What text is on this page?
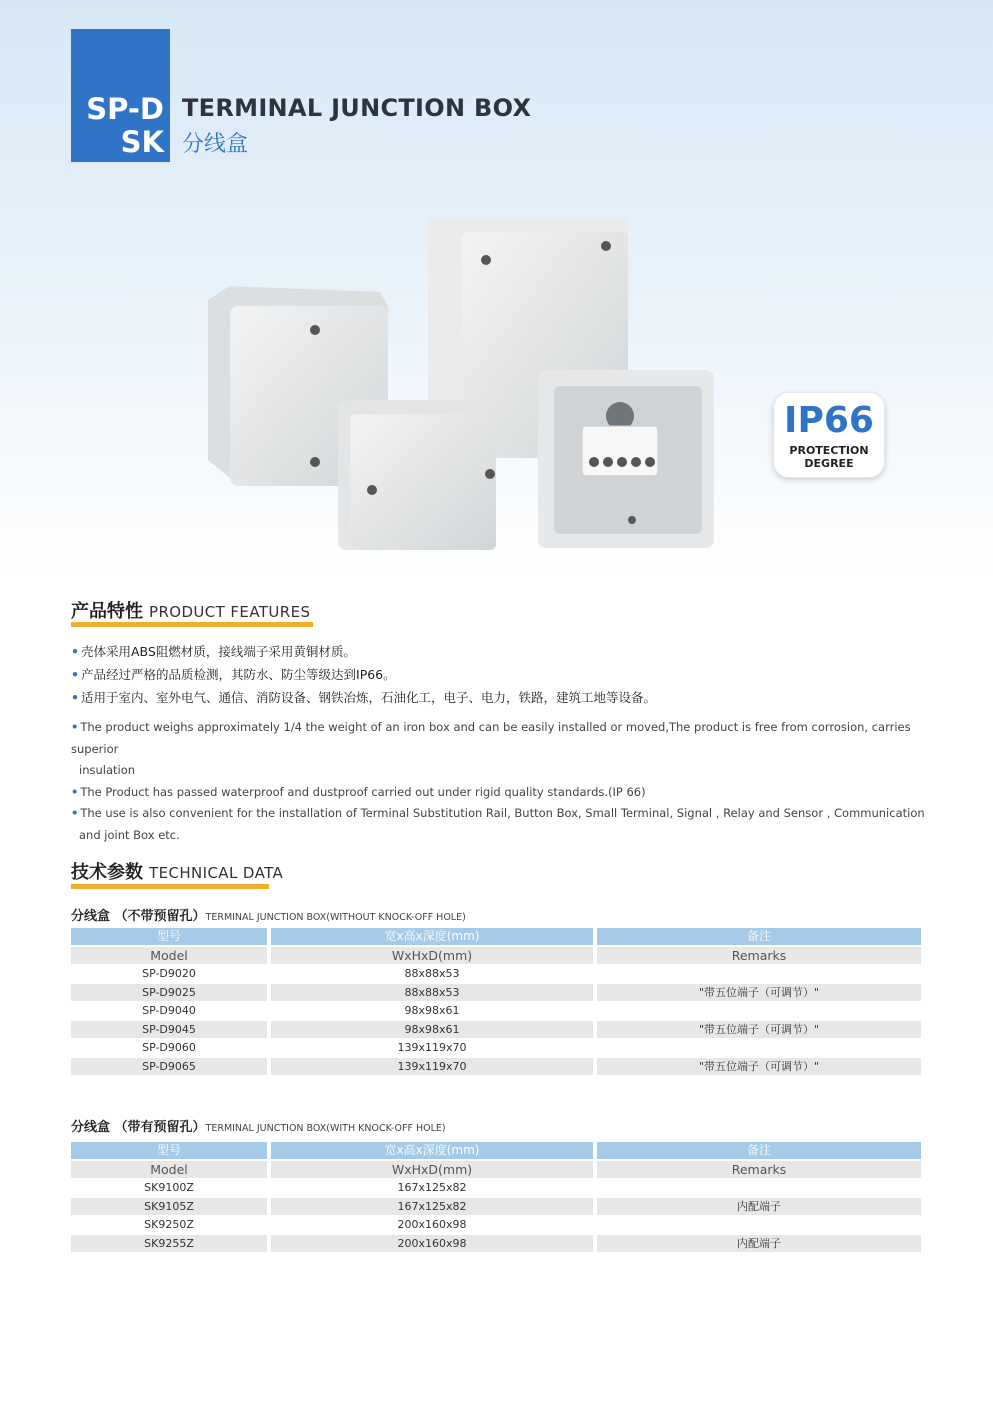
SP-D
SK
TERMINAL JUNCTION BOX
分线盒
IP66
PROTECTION
DEGREE
产品特性 PRODUCT FEATURES
• 壳体采用ABS阻燃材质，接线端子采用黄铜材质。
• 产品经过严格的品质检测，其防水、防尘等级达到IP66。
• 适用于室内、室外电气、通信、消防设备、钢铁冶炼，石油化工，电子、电力，铁路，建筑工地等设备。
• The product weighs approximately 1/4 the weight of an iron box and can be easily installed or moved,The product is free from corrosion, carries superior
insulation
• The Product has passed waterproof and dustproof carried out under rigid quality standards.(IP 66)
• The use is also convenient for the installation of Terminal Substitution Rail, Button Box, Small Terminal, Signal , Relay and Sensor , Communication
and joint Box etc.
技术参数 TECHNICAL DATA
分线盒 （不带预留孔）TERMINAL JUNCTION BOX(WITHOUT KNOCK-OFF HOLE)
型号	宽x高x深度(mm)	备注
Model	WxHxD(mm)	Remarks
SP-D9020	88x88x53
SP-D9025	88x88x53	"带五位端子（可调节）"
SP-D9040	98x98x61
SP-D9045	98x98x61	"带五位端子（可调节）"
SP-D9060	139x119x70
SP-D9065	139x119x70	"带五位端子（可调节）"
分线盒 （带有预留孔）TERMINAL JUNCTION BOX(WITH KNOCK-OFF HOLE)
型号	宽x高x深度(mm)	备注
Model	WxHxD(mm)	Remarks
SK9100Z	167x125x82
SK9105Z	167x125x82	内配端子
SK9250Z	200x160x98
SK9255Z	200x160x98	内配端子
